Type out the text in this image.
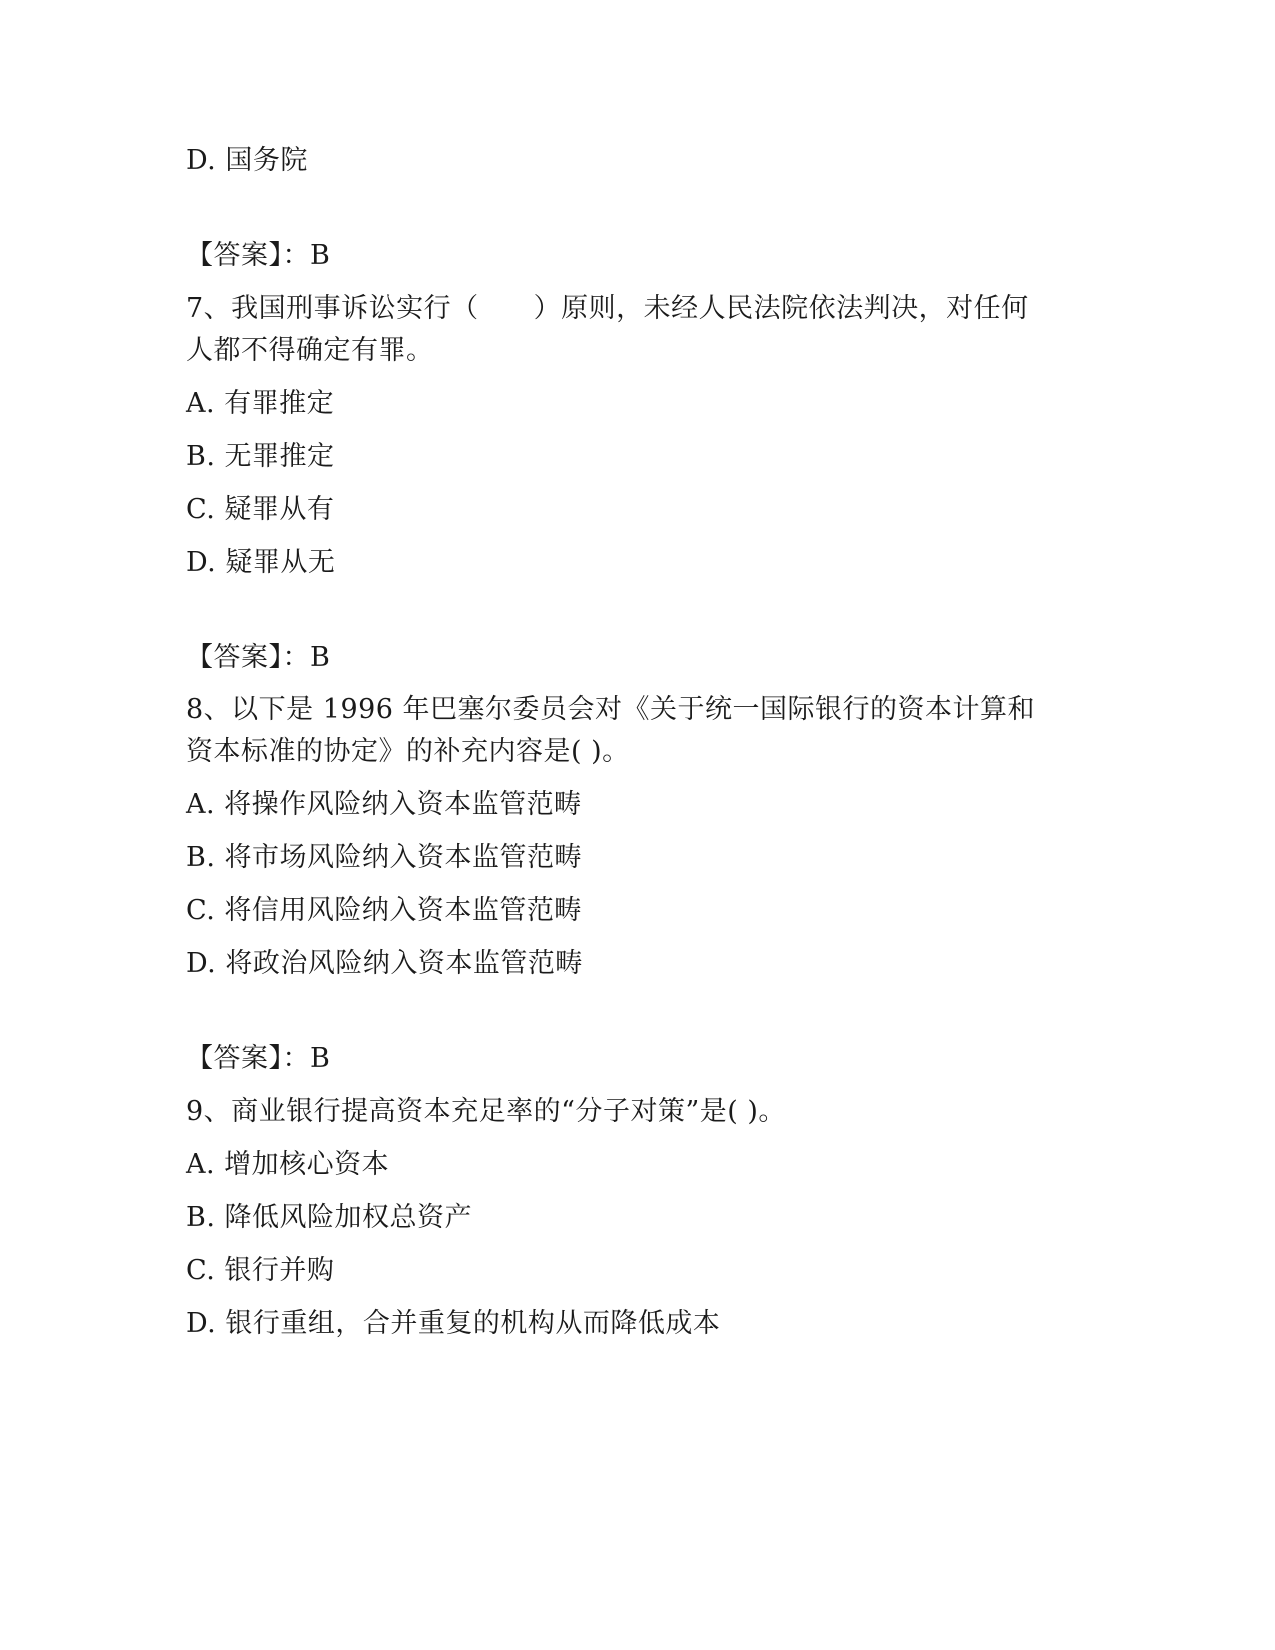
D. 国务院
【答案】：B
7、我国刑事诉讼实行（　　）原则，未经人民法院依法判决，对任何
人都不得确定有罪。
A. 有罪推定
B. 无罪推定
C. 疑罪从有
D. 疑罪从无
【答案】：B
8、以下是 1996 年巴塞尔委员会对《关于统一国际银行的资本计算和
资本标准的协定》的补充内容是( )。
A. 将操作风险纳入资本监管范畴
B. 将市场风险纳入资本监管范畴
C. 将信用风险纳入资本监管范畴
D. 将政治风险纳入资本监管范畴
【答案】：B
9、商业银行提高资本充足率的“分子对策”是( )。
A. 增加核心资本
B. 降低风险加权总资产
C. 银行并购
D. 银行重组，合并重复的机构从而降低成本
